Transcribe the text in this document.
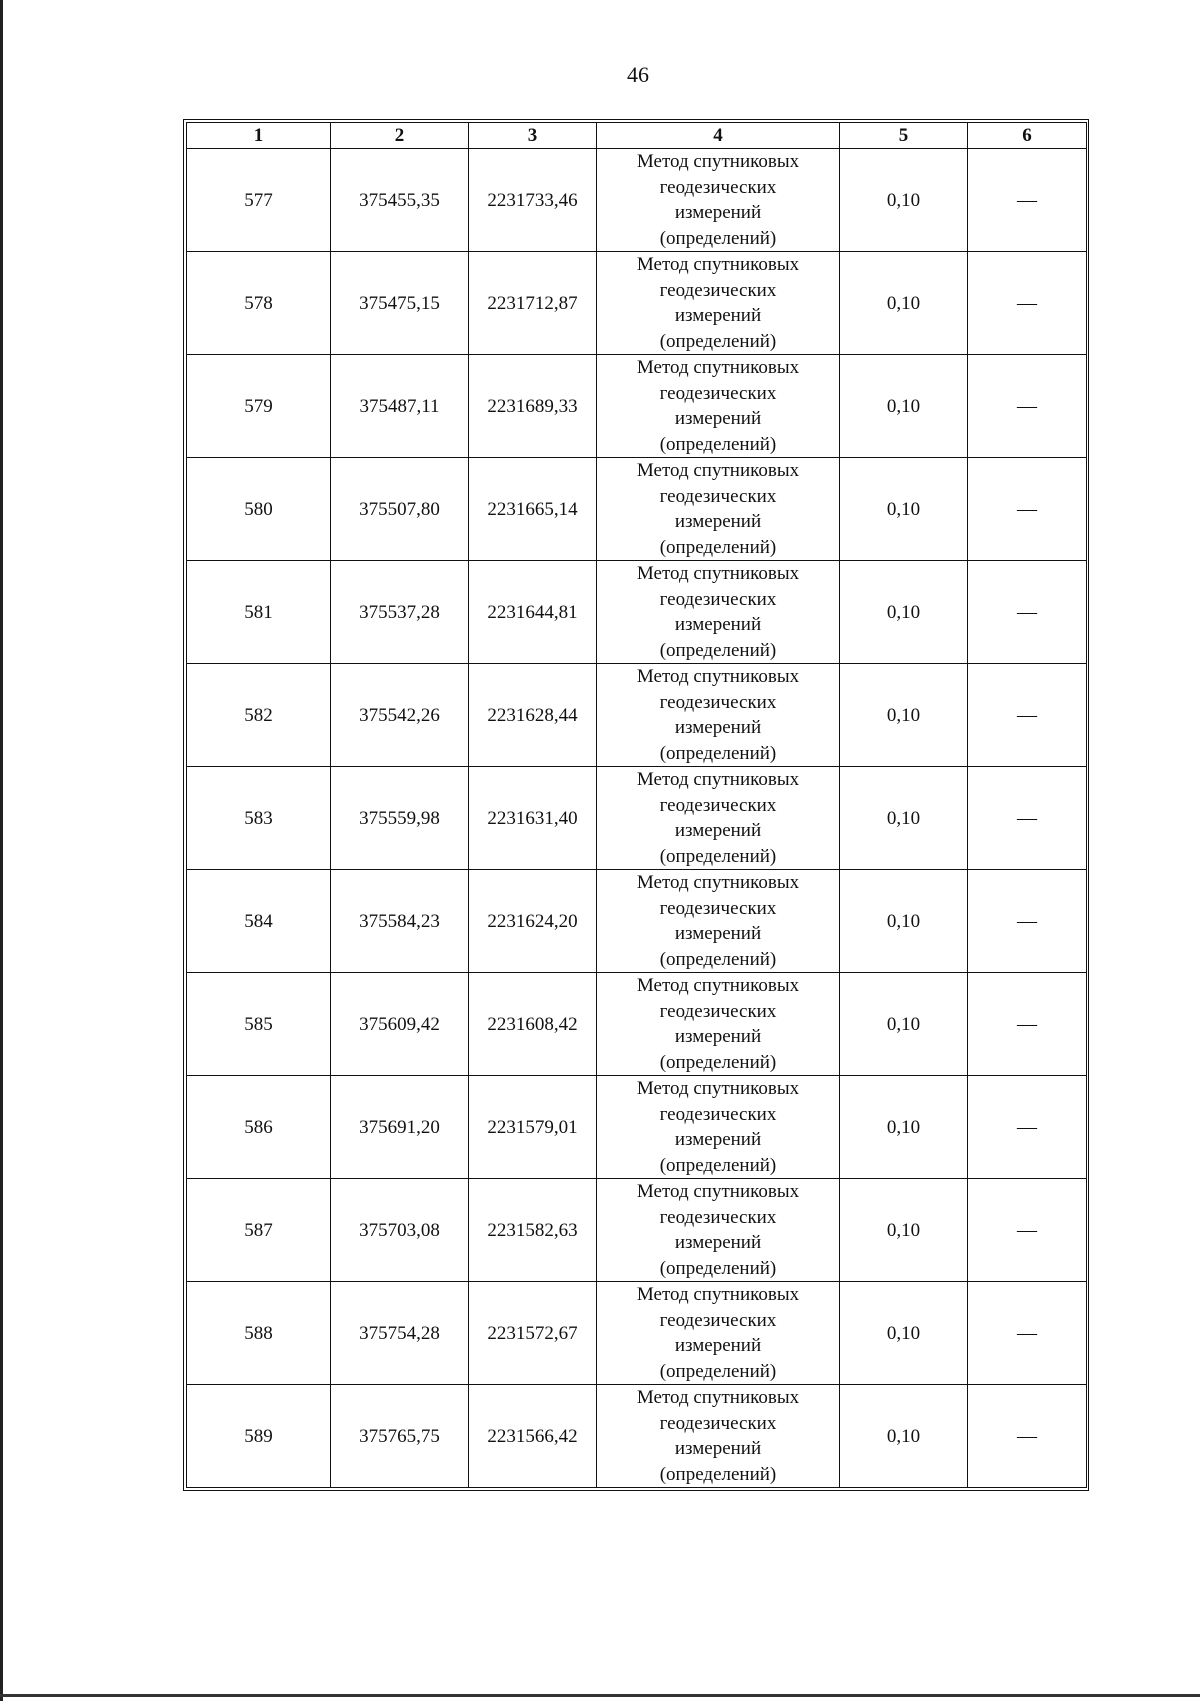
46
1	2	3	4	5	6
577	375455,35	2231733,46	Метод спутниковых
геодезических
измерений
(определений)	0,10	—
578	375475,15	2231712,87	Метод спутниковых
геодезических
измерений
(определений)	0,10	—
579	375487,11	2231689,33	Метод спутниковых
геодезических
измерений
(определений)	0,10	—
580	375507,80	2231665,14	Метод спутниковых
геодезических
измерений
(определений)	0,10	—
581	375537,28	2231644,81	Метод спутниковых
геодезических
измерений
(определений)	0,10	—
582	375542,26	2231628,44	Метод спутниковых
геодезических
измерений
(определений)	0,10	—
583	375559,98	2231631,40	Метод спутниковых
геодезических
измерений
(определений)	0,10	—
584	375584,23	2231624,20	Метод спутниковых
геодезических
измерений
(определений)	0,10	—
585	375609,42	2231608,42	Метод спутниковых
геодезических
измерений
(определений)	0,10	—
586	375691,20	2231579,01	Метод спутниковых
геодезических
измерений
(определений)	0,10	—
587	375703,08	2231582,63	Метод спутниковых
геодезических
измерений
(определений)	0,10	—
588	375754,28	2231572,67	Метод спутниковых
геодезических
измерений
(определений)	0,10	—
589	375765,75	2231566,42	Метод спутниковых
геодезических
измерений
(определений)	0,10	—
